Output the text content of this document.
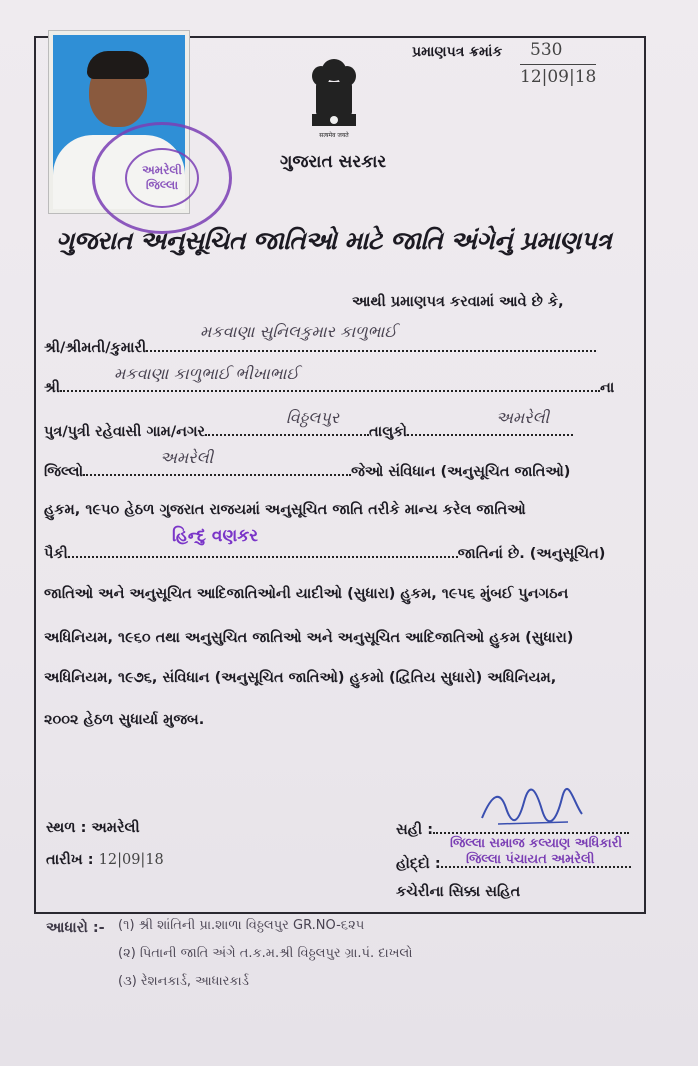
અમરેલી
જિલ્લા
પ્રમાણપત્ર ક્રમાંક 530
12|09|18
सत्यमेव जयते
ગુજરાત સરકાર
ગુજરાત અનુસૂચિત જાતિઓ માટે જાતિ અંગેનું પ્રમાણપત્ર
આથી પ્રમાણપત્ર કરવામાં આવે છે કે,
શ્રી/શ્રીમતી/કુમારી
મકવાણા સુનિલકુમાર કાળુભાઈ
શ્રી	ના
મકવાણા કાળુભાઈ ભીખાભાઈ
પુત્ર/પુત્રી રહેવાસી ગામ/નગર	તાલુકો
વિઠ્ઠલપુર	અમરેલી
જિલ્લો	જેઓ સંવિધાન (અનુસૂચિત જાતિઓ)
અમરેલી
હુકમ, ૧૯૫૦ હેઠળ ગુજરાત રાજયમાં અનુસૂચિત જાતિ તરીકે માન્ય કરેલ જાતિઓ
હિન્દુ વણકર
પૈકી	જાતિનાં છે. (અનુસૂચિત)
જાતિઓ અને અનુસૂચિત આદિજાતિઓની યાદીઓ (સુધારા) હુકમ, ૧૯૫૬ મુંબઈ પુનગઠન
અધિનિયમ, ૧૯૬૦ તથા અનુસુચિત જાતિઓ અને અનુસૂચિત આદિજાતિઓ હુકમ (સુધારા)
અધિનિયમ, ૧૯૭૬, સંવિધાન (અનુસૂચિત જાતિઓ) હુકમો (દ્વિતિય સુધારો) અધિનિયમ,
૨૦૦૨ હેઠળ સુધાર્યા મુજબ.
સ્થળ : અમરેલી
તારીખ : 12|09|18
સહી :
જિલ્લા સમાજ કલ્યાણ અધિકારી
હોદ્દો :	જિલ્લા પંચાયત અમરેલી
કચેરીના સિક્કા સહિત
આધારો :- (૧) શ્રી શાંતિની પ્રા.શાળા વિઠ્ઠલપુર GR.NO-૬૨૫
(૨) પિતાની જાતિ અંગે ત.ક.મ.શ્રી વિઠ્ઠલપુર ગ્રા.પં. દાખલો
(૩) રેશનકાર્ડ, આધારકાર્ડ
